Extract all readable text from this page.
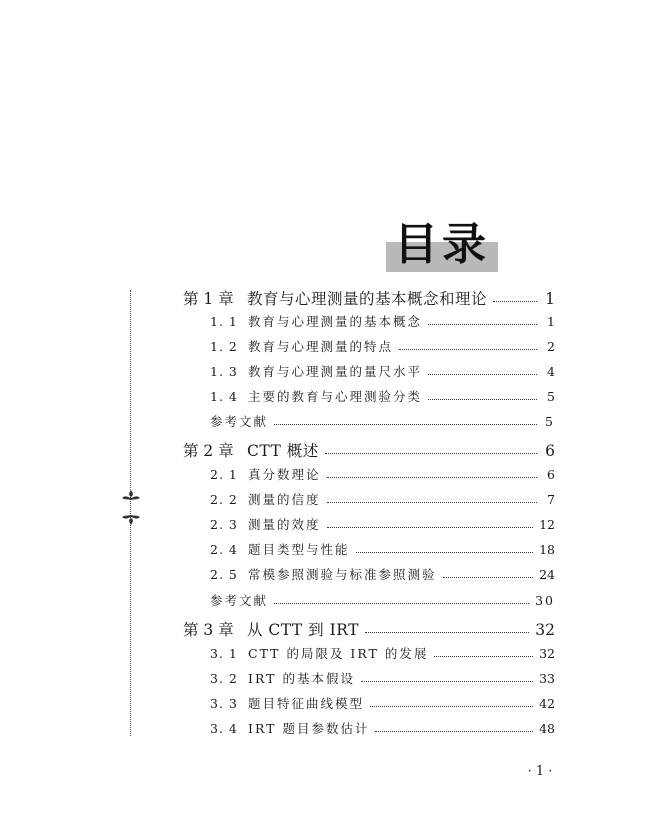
目录
第 1 章 教育与心理测量的基本概念和理论	1
1. 1 教育与心理测量的基本概念	1
1. 2 教育与心理测量的特点	2
1. 3 教育与心理测量的量尺水平	4
1. 4 主要的教育与心理测验分类	5
参考文献	5
第 2 章 CTT 概述	6
2. 1 真分数理论	6
2. 2 测量的信度	7
2. 3 测量的效度	12
2. 4 题目类型与性能	18
2. 5 常模参照测验与标准参照测验	24
参考文献	30
第 3 章 从 CTT 到 IRT	32
3. 1 CTT 的局限及 IRT 的发展	32
3. 2 IRT 的基本假设	33
3. 3 题目特征曲线模型	42
3. 4 IRT 题目参数估计	48
· 1 ·
